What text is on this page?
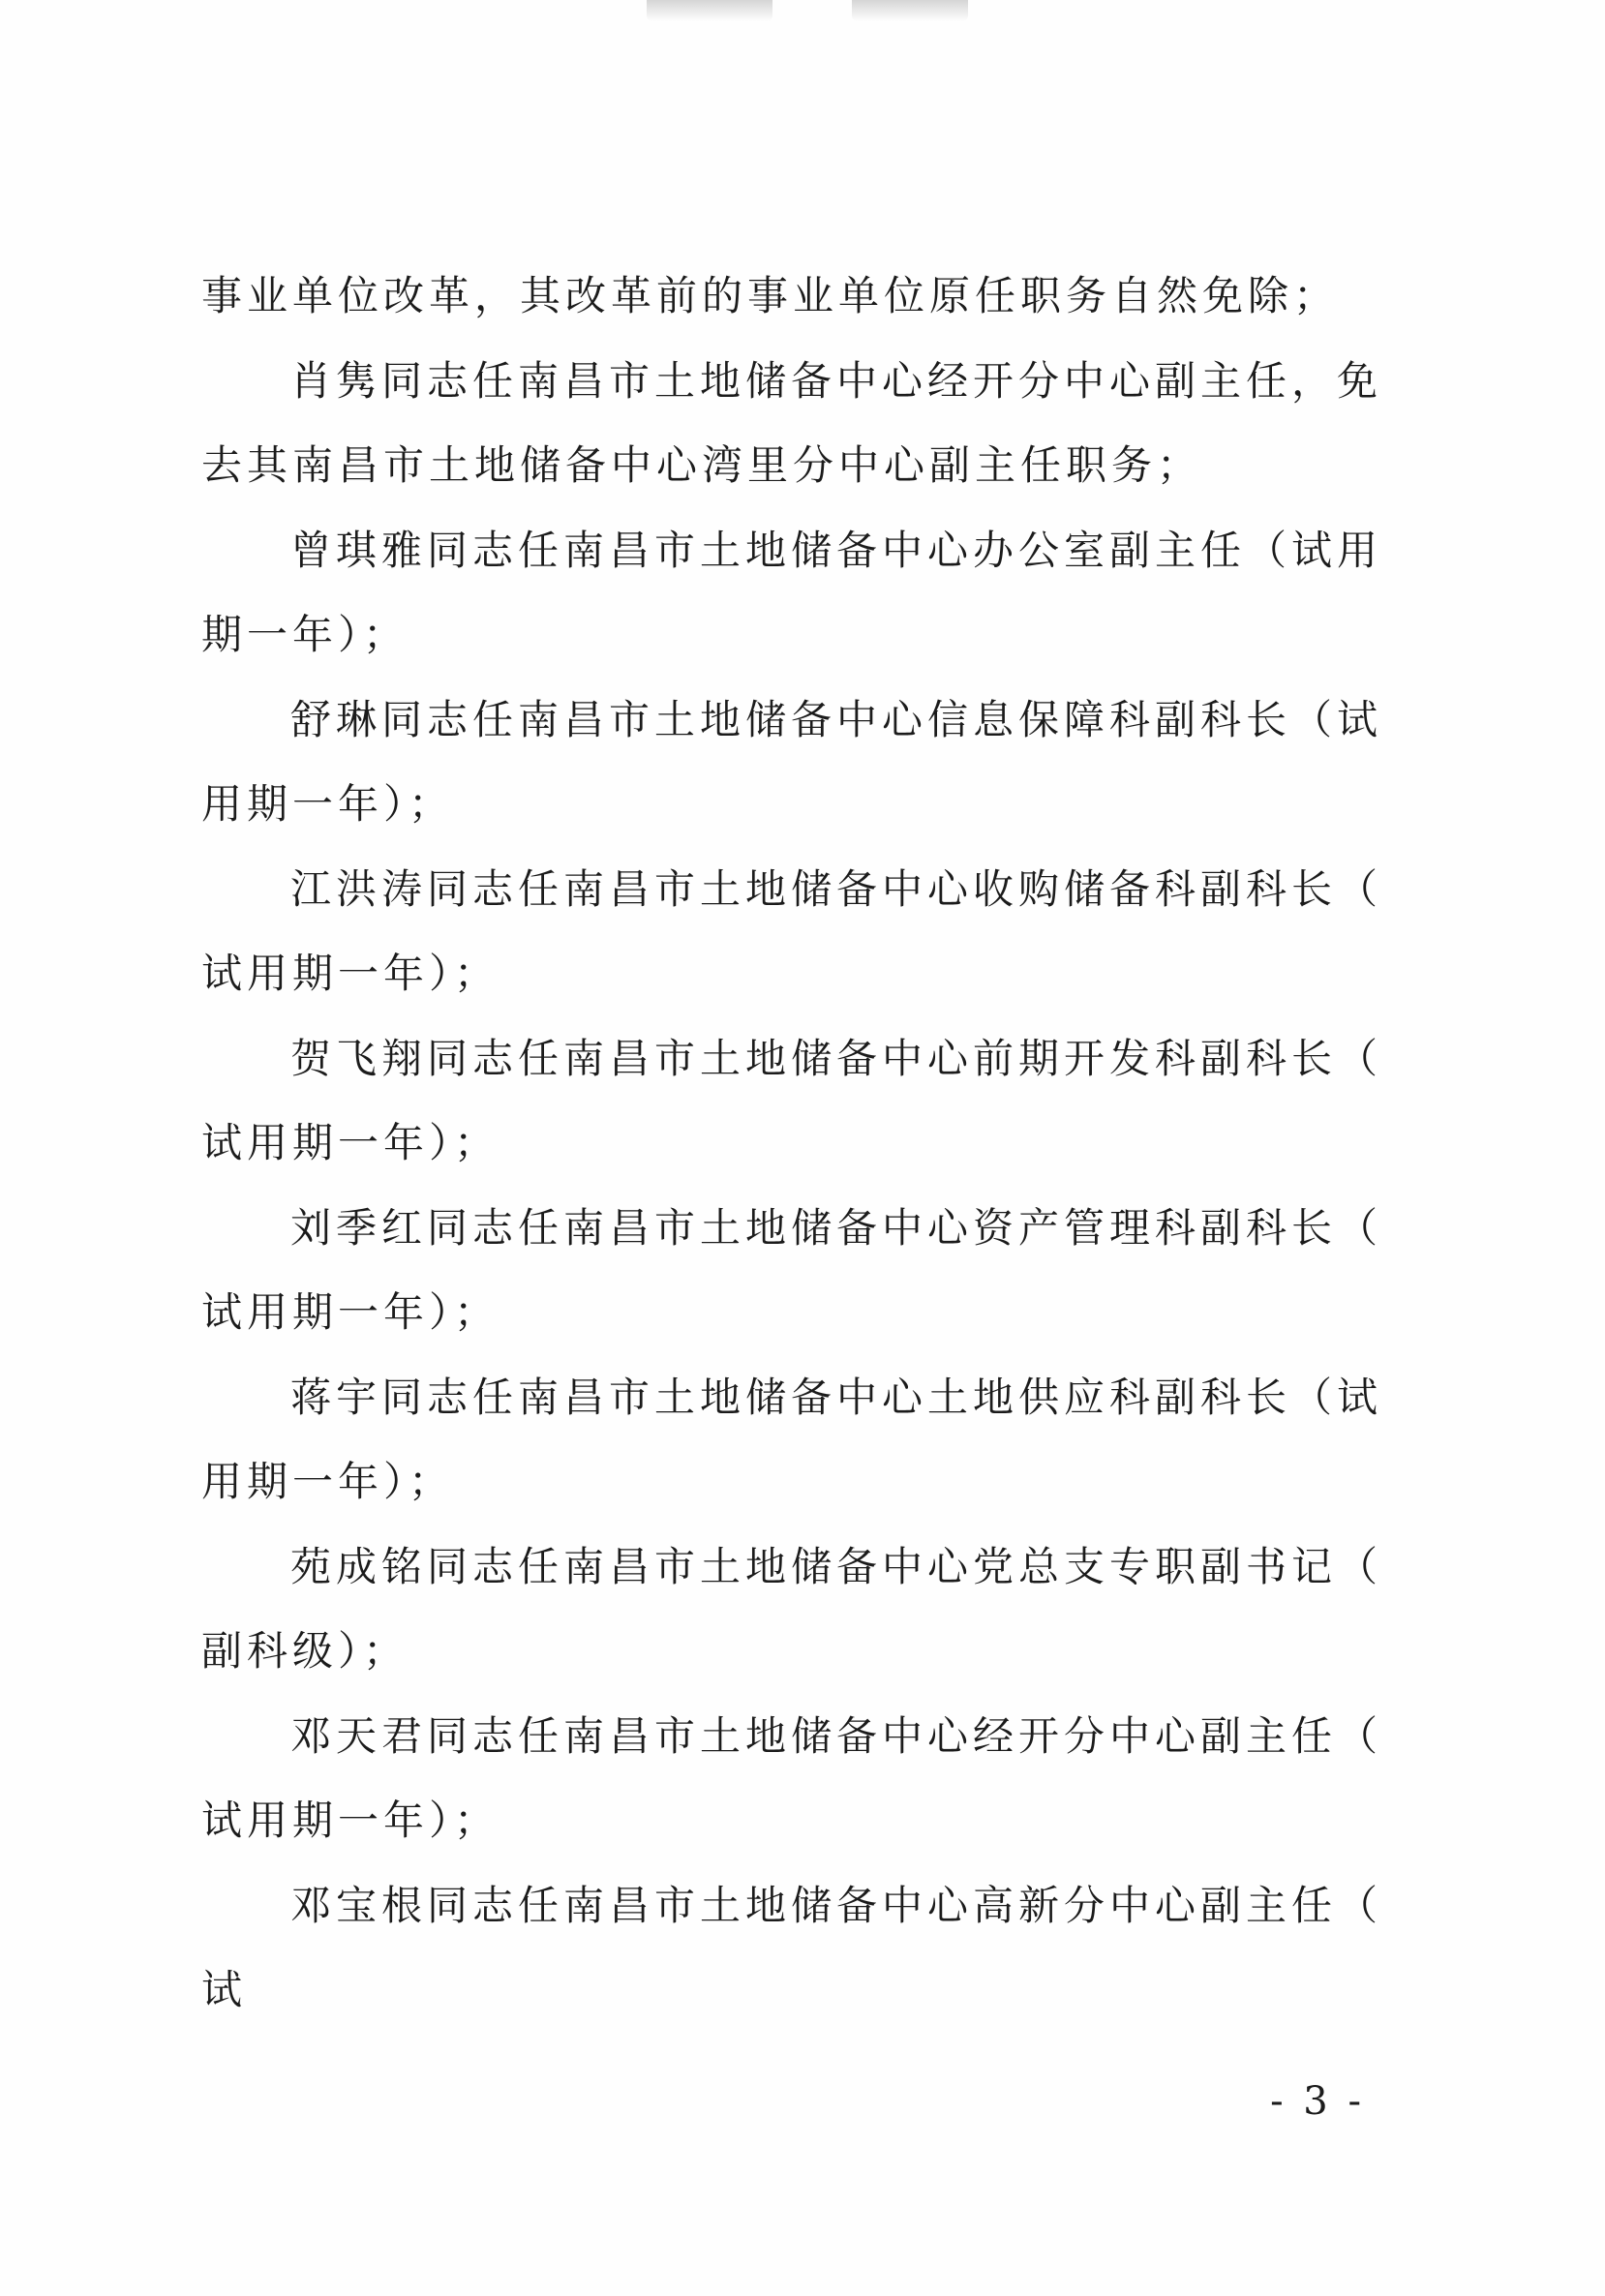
事业单位改革，其改革前的事业单位原任职务自然免除；

肖隽同志任南昌市土地储备中心经开分中心副主任，免去其南昌市土地储备中心湾里分中心副主任职务；

曾琪雅同志任南昌市土地储备中心办公室副主任（试用期一年）；

舒琳同志任南昌市土地储备中心信息保障科副科长（试用期一年）；

江洪涛同志任南昌市土地储备中心收购储备科副科长（试用期一年）；

贺飞翔同志任南昌市土地储备中心前期开发科副科长（试用期一年）；

刘季红同志任南昌市土地储备中心资产管理科副科长（试用期一年）；

蒋宇同志任南昌市土地储备中心土地供应科副科长（试用期一年）；

苑成铭同志任南昌市土地储备中心党总支专职副书记（副科级）；

邓天君同志任南昌市土地储备中心经开分中心副主任（试用期一年）；

邓宝根同志任南昌市土地储备中心高新分中心副主任（试

- 3 -
